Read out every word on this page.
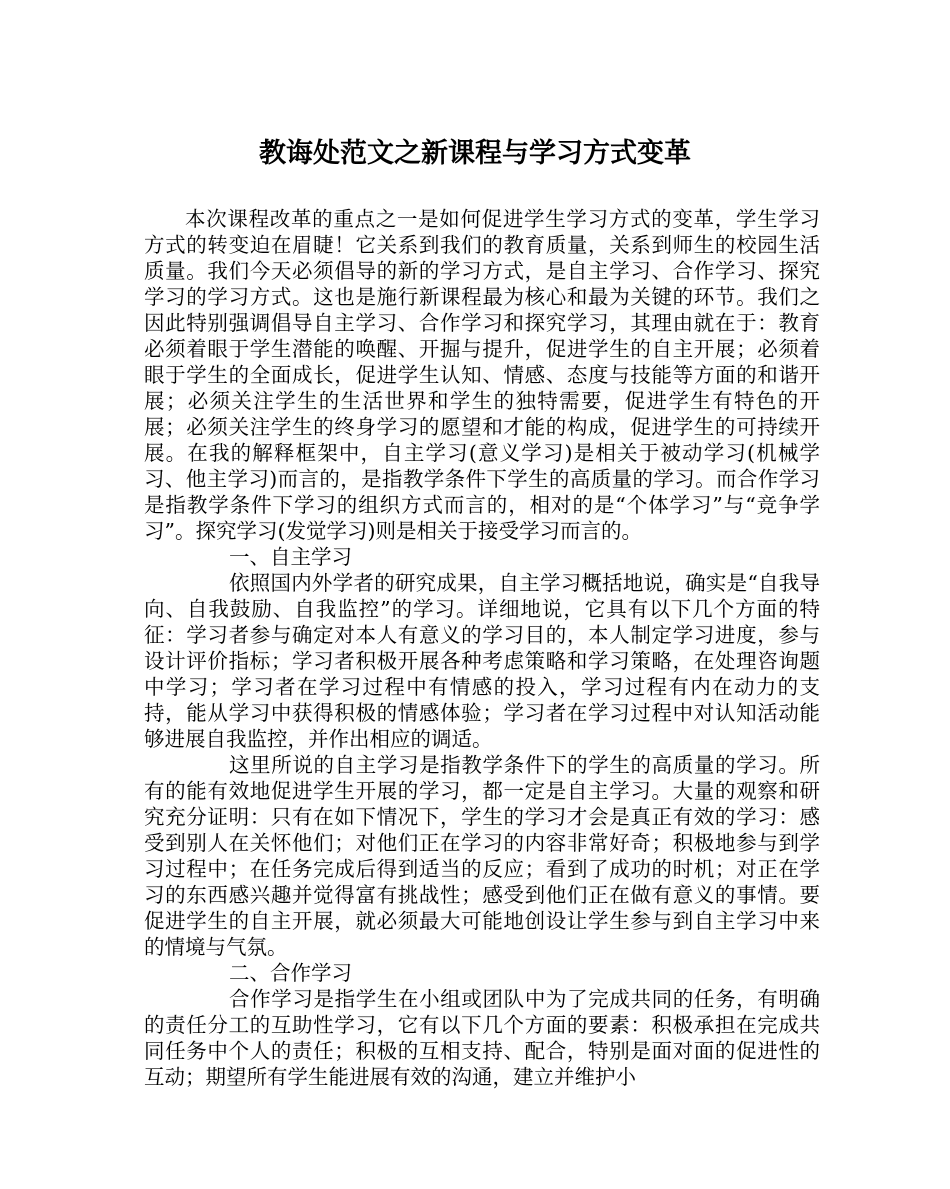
教诲处范文之新课程与学习方式变革

本次课程改革的重点之一是如何促进学生学习方式的变革，学生学习方式的转变迫在眉睫！它关系到我们的教育质量，关系到师生的校园生活质量。我们今天必须倡导的新的学习方式，是自主学习、合作学习、探究学习的学习方式。这也是施行新课程最为核心和最为关键的环节。我们之因此特别强调倡导自主学习、合作学习和探究学习，其理由就在于：教育必须着眼于学生潜能的唤醒、开掘与提升，促进学生的自主开展；必须着眼于学生的全面成长，促进学生认知、情感、态度与技能等方面的和谐开展；必须关注学生的生活世界和学生的独特需要，促进学生有特色的开展；必须关注学生的终身学习的愿望和才能的构成，促进学生的可持续开展。在我的解释框架中，自主学习(意义学习)是相关于被动学习(机械学习、他主学习)而言的，是指教学条件下学生的高质量的学习。而合作学习是指教学条件下学习的组织方式而言的，相对的是“个体学习”与“竞争学习”。探究学习(发觉学习)则是相关于接受学习而言的。

一、自主学习

依照国内外学者的研究成果，自主学习概括地说，确实是“自我导向、自我鼓励、自我监控”的学习。详细地说，它具有以下几个方面的特征：学习者参与确定对本人有意义的学习目的，本人制定学习进度，参与设计评价指标；学习者积极开展各种考虑策略和学习策略，在处理咨询题中学习；学习者在学习过程中有情感的投入，学习过程有内在动力的支持，能从学习中获得积极的情感体验；学习者在学习过程中对认知活动能够进展自我监控，并作出相应的调适。

这里所说的自主学习是指教学条件下的学生的高质量的学习。所有的能有效地促进学生开展的学习，都一定是自主学习。大量的观察和研究充分证明：只有在如下情况下，学生的学习才会是真正有效的学习：感受到别人在关怀他们；对他们正在学习的内容非常好奇；积极地参与到学习过程中；在任务完成后得到适当的反应；看到了成功的时机；对正在学习的东西感兴趣并觉得富有挑战性；感受到他们正在做有意义的事情。要促进学生的自主开展，就必须最大可能地创设让学生参与到自主学习中来的情境与气氛。

二、合作学习

合作学习是指学生在小组或团队中为了完成共同的任务，有明确的责任分工的互助性学习，它有以下几个方面的要素：积极承担在完成共同任务中个人的责任；积极的互相支持、配合，特别是面对面的促进性的互动；期望所有学生能进展有效的沟通，建立并维护小
